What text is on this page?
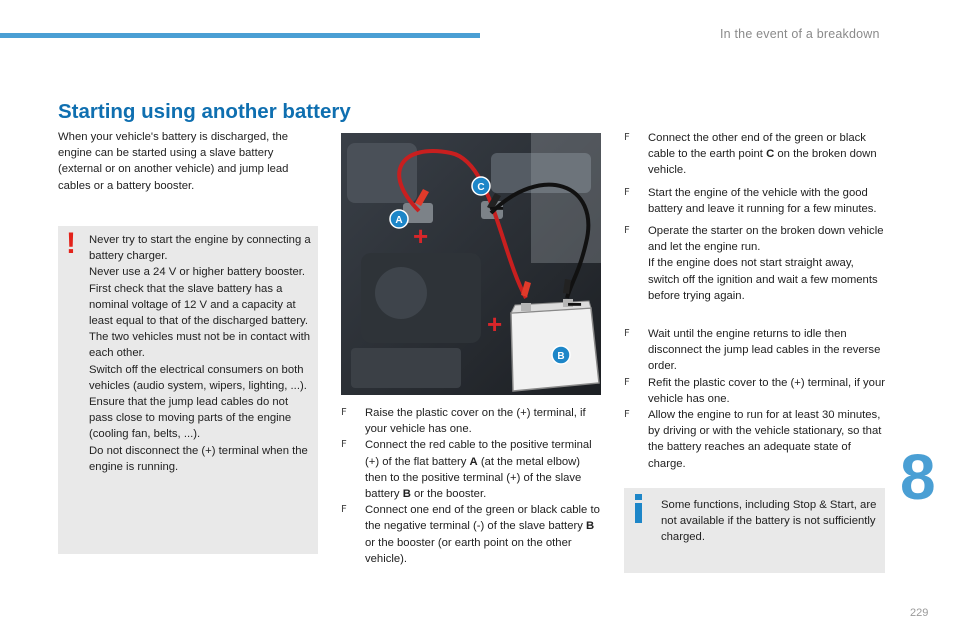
In the event of a breakdown
Starting using another battery

When your vehicle's battery is discharged, the engine can be started using a slave battery (external or on another vehicle) and jump lead cables or a battery booster.

! Never try to start the engine by connecting a battery charger.

Never use a 24 V or higher battery booster.

First check that the slave battery has a nominal voltage of 12 V and a capacity at least equal to that of the discharged battery.

The two vehicles must not be in contact with each other.

Switch off the electrical consumers on both vehicles (audio system, wipers, lighting, ...).

Ensure that the jump lead cables do not pass close to moving parts of the engine (cooling fan, belts, ...).

Do not disconnect the (+) terminal when the engine is running.

+
−
+
−
A
C
B
F Raise the plastic cover on the (+) terminal, if your vehicle has one.
F Connect the red cable to the positive terminal (+) of the flat battery A (at the metal elbow) then to the positive terminal (+) of the slave battery B or the booster.
F Connect one end of the green or black cable to the negative terminal (-) of the slave battery B or the booster (or earth point on the other vehicle).
F Connect the other end of the green or black cable to the earth point C on the broken down vehicle.
F Start the engine of the vehicle with the good battery and leave it running for a few minutes.
F Operate the starter on the broken down vehicle and let the engine run.
If the engine does not start straight away, switch off the ignition and wait a few moments before trying again.
F Wait until the engine returns to idle then disconnect the jump lead cables in the reverse order.
F Refit the plastic cover to the (+) terminal, if your vehicle has one.
F Allow the engine to run for at least 30 minutes, by driving or with the vehicle stationary, so that the battery reaches an adequate state of charge.

Some functions, including Stop & Start, are not available if the battery is not sufficiently charged.

8
229
